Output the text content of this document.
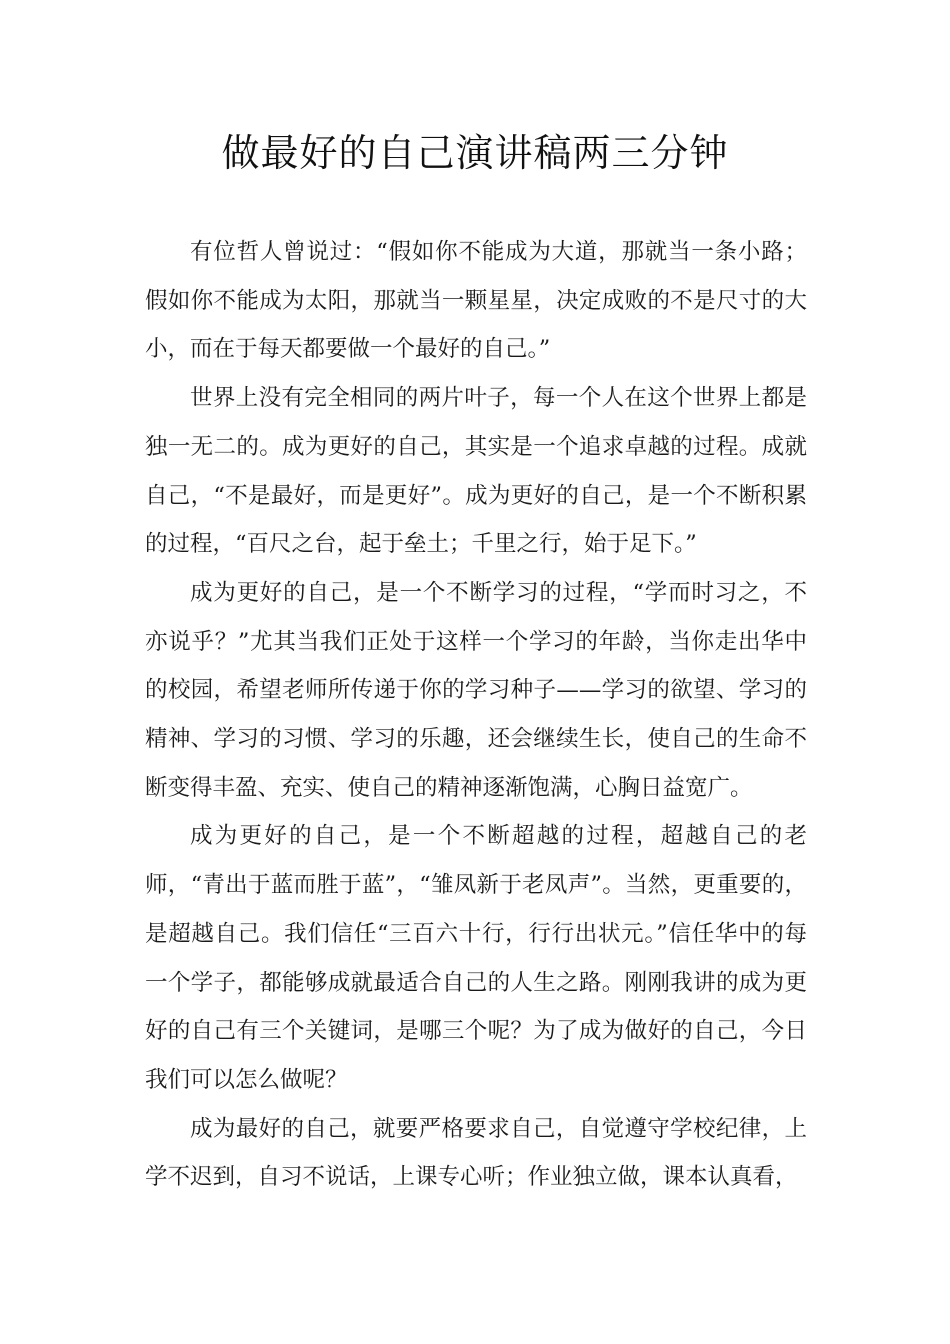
做最好的自己演讲稿两三分钟

有位哲人曾说过：“假如你不能成为大道，那就当一条小路；假如你不能成为太阳，那就当一颗星星，决定成败的不是尺寸的大小，而在于每天都要做一个最好的自己。”

世界上没有完全相同的两片叶子，每一个人在这个世界上都是独一无二的。成为更好的自己，其实是一个追求卓越的过程。成就自己，“不是最好，而是更好”。成为更好的自己，是一个不断积累的过程，“百尺之台，起于垒土；千里之行，始于足下。”

成为更好的自己，是一个不断学习的过程，“学而时习之，不亦说乎？”尤其当我们正处于这样一个学习的年龄，当你走出华中的校园，希望老师所传递于你的学习种子——学习的欲望、学习的精神、学习的习惯、学习的乐趣，还会继续生长，使自己的生命不断变得丰盈、充实、使自己的精神逐渐饱满，心胸日益宽广。

成为更好的自己，是一个不断超越的过程，超越自己的老师，“青出于蓝而胜于蓝”，“雏凤新于老凤声”。当然，更重要的，是超越自己。我们信任“三百六十行，行行出状元。”信任华中的每一个学子，都能够成就最适合自己的人生之路。刚刚我讲的成为更好的自己有三个关键词，是哪三个呢？为了成为做好的自己，今日我们可以怎么做呢？

成为最好的自己，就要严格要求自己，自觉遵守学校纪律，上学不迟到，自习不说话，上课专心听；作业独立做，课本认真看，
